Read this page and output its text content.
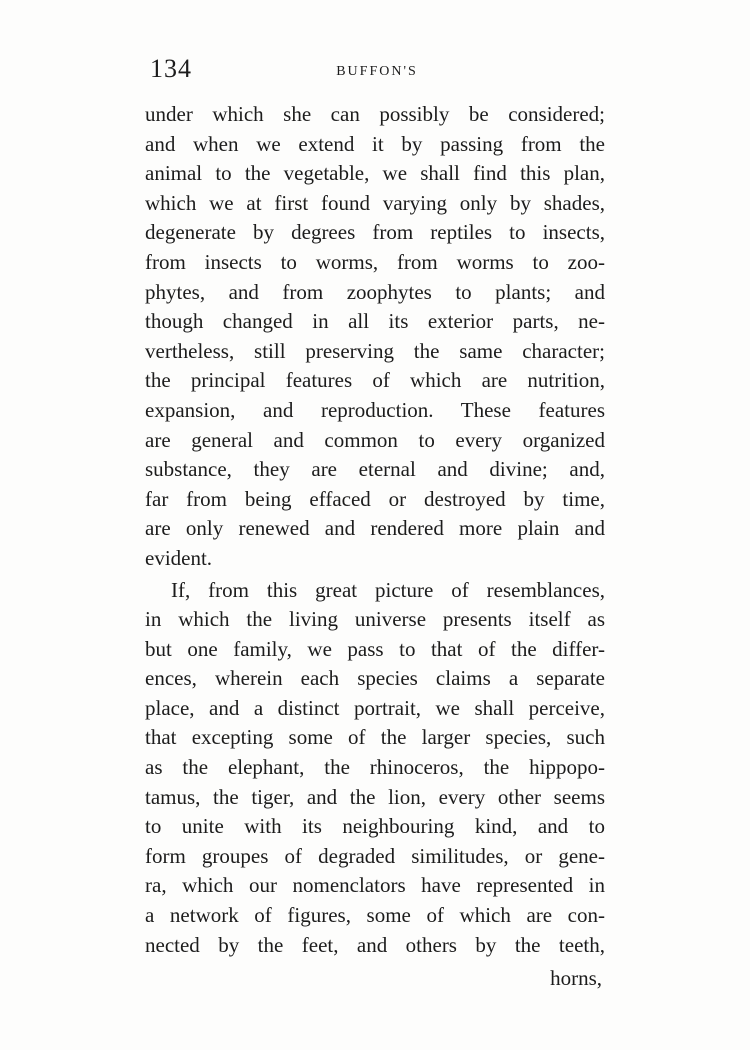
134	BUFFON'S
under which she can possibly be considered;
and when we extend it by passing from the
animal to the vegetable, we shall find this plan,
which we at first found varying only by shades,
degenerate by degrees from reptiles to insects,
from insects to worms, from worms to zoo-
phytes, and from zoophytes to plants; and
though changed in all its exterior parts, ne-
vertheless, still preserving the same character;
the principal features of which are nutrition,
expansion, and reproduction. These features
are general and common to every organized
substance, they are eternal and divine; and,
far from being effaced or destroyed by time,
are only renewed and rendered more plain and
evident.
If, from this great picture of resemblances,
in which the living universe presents itself as
but one family, we pass to that of the differ-
ences, wherein each species claims a separate
place, and a distinct portrait, we shall perceive,
that excepting some of the larger species, such
as the elephant, the rhinoceros, the hippopo-
tamus, the tiger, and the lion, every other seems
to unite with its neighbouring kind, and to
form groupes of degraded similitudes, or gene-
ra, which our nomenclators have represented in
a network of figures, some of which are con-
nected by the feet, and others by the teeth,
horns,
